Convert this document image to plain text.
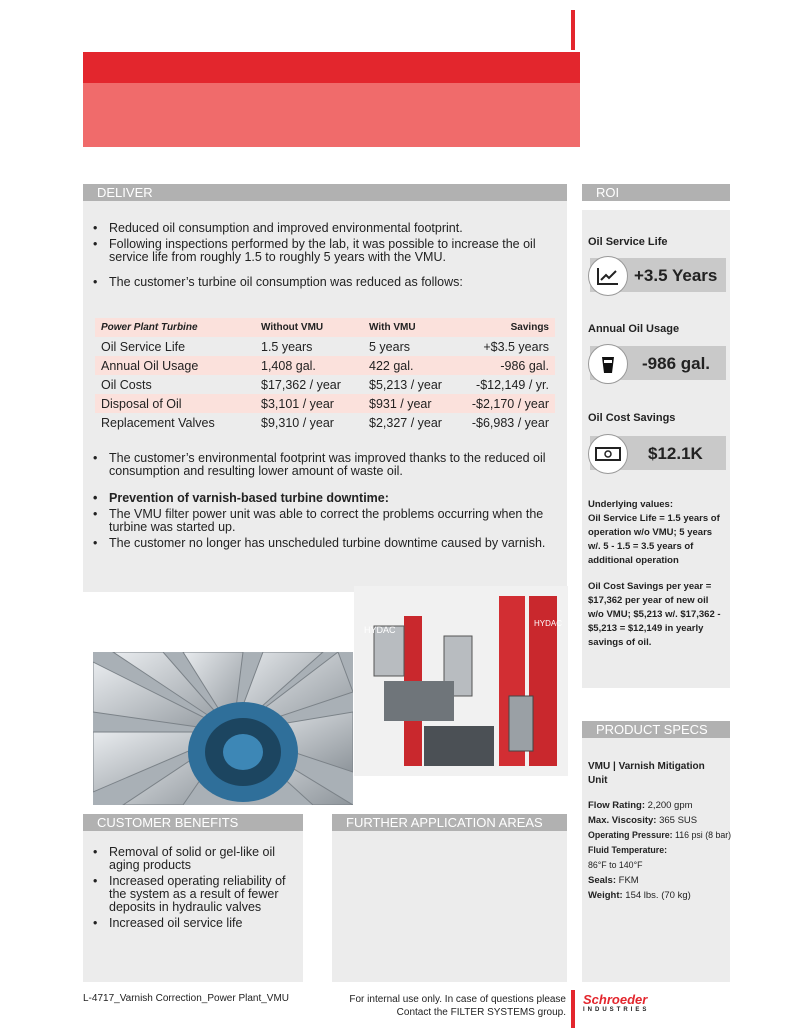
DELIVER
• Reduced oil consumption and improved environmental footprint.
• Following inspections performed by the lab, it was possible to increase the oil service life from roughly 1.5 to roughly 5 years with the VMU.
• The customer’s turbine oil consumption was reduced as follows:
Power Plant Turbine	Without VMU	With VMU	Savings
Oil Service Life	1.5 years	5 years	+$3.5 years
Annual Oil Usage	1,408 gal.	422 gal.	-986 gal.
Oil Costs	$17,362 / year	$5,213 / year	-$12,149 / yr.
Disposal of Oil	$3,101 / year	$931 / year	-$2,170 / year
Replacement Valves	$9,310 / year	$2,327 / year	-$6,983 / year
• The customer’s environmental footprint was improved thanks to the reduced oil consumption and resulting lower amount of waste oil.
• Prevention of varnish-based turbine downtime:
• The VMU filter power unit was able to correct the problems occurring when the turbine was started up.
• The customer no longer has unscheduled turbine downtime caused by varnish.
HYDAC
HYDAC
ROI
Oil Service Life
+3.5 Years
Annual Oil Usage
-986 gal.
Oil Cost Savings
$12.1K
Underlying values:
Oil Service Life = 1.5 years of operation w/o VMU; 5 years w/. 5 - 1.5 = 3.5 years of additional operation
Oil Cost Savings per year = $17,362 per year of new oil w/o VMU; $5,213 w/. $17,362 - $5,213 = $12,149 in yearly savings of oil.
PRODUCT SPECS
VMU | Varnish Mitigation Unit
Flow Rating: 2,200 gpm
Max. Viscosity: 365 SUS
Operating Pressure: 116 psi (8 bar)
Fluid Temperature:
86°F to 140°F
Seals: FKM
Weight: 154 lbs. (70 kg)
CUSTOMER BENEFITS
• Removal of solid or gel-like oil aging products
• Increased operating reliability of the system as a result of fewer deposits in hydraulic valves
• Increased oil service life
FURTHER APPLICATION AREAS
L-4717_Varnish Correction_Power Plant_VMU	For internal use only. In case of questions please
Contact the FILTER SYSTEMS group.
Schroeder
INDUSTRIES
